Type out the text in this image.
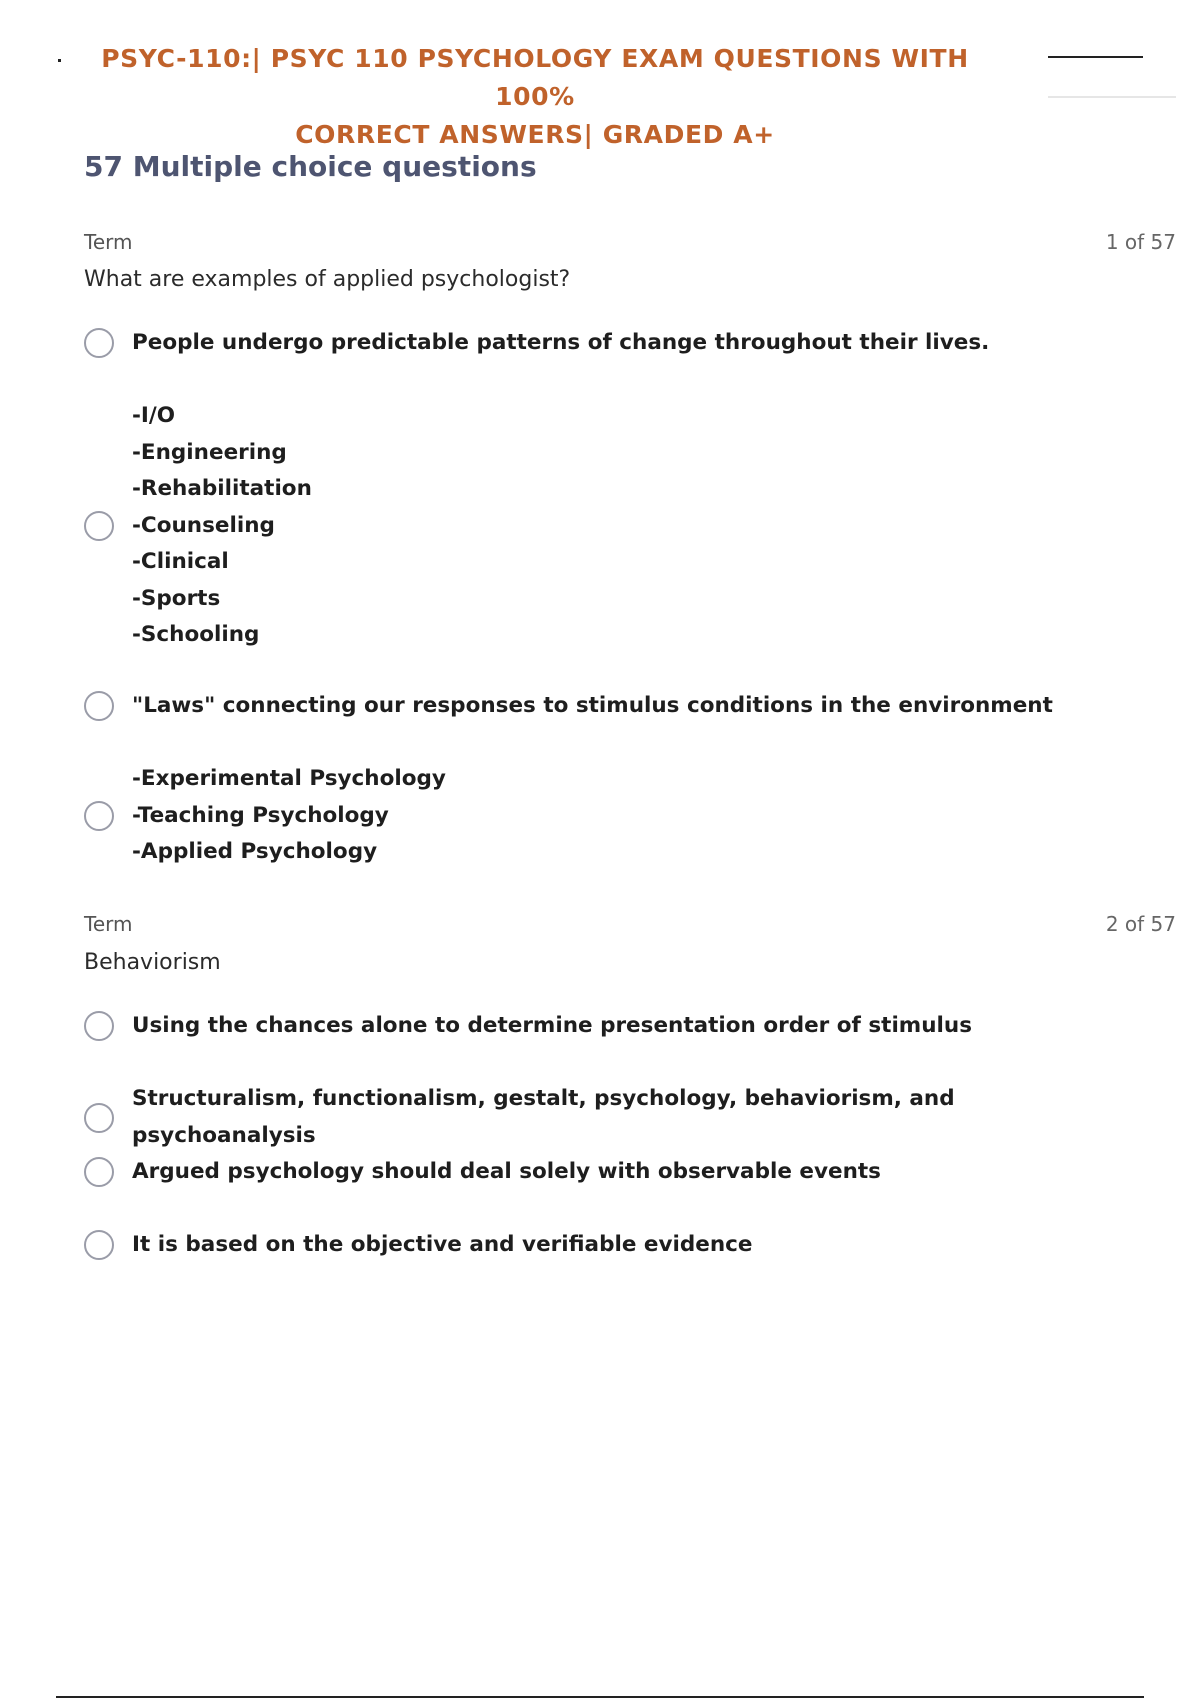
PSYC-110:| PSYC 110 PSYCHOLOGY EXAM QUESTIONS WITH 100%
CORRECT ANSWERS| GRADED A+
57 Multiple choice questions
Term	1 of 57
What are examples of applied psychologist?
People undergo predictable patterns of change throughout their lives.
-I/O
-Engineering
-Rehabilitation
-Counseling
-Clinical
-Sports
-Schooling
"Laws" connecting our responses to stimulus conditions in the environment
-Experimental Psychology
-Teaching Psychology
-Applied Psychology
Term	2 of 57
Behaviorism
Using the chances alone to determine presentation order of stimulus
Structuralism, functionalism, gestalt, psychology, behaviorism, and psychoanalysis
Argued psychology should deal solely with observable events
It is based on the objective and verifiable evidence
